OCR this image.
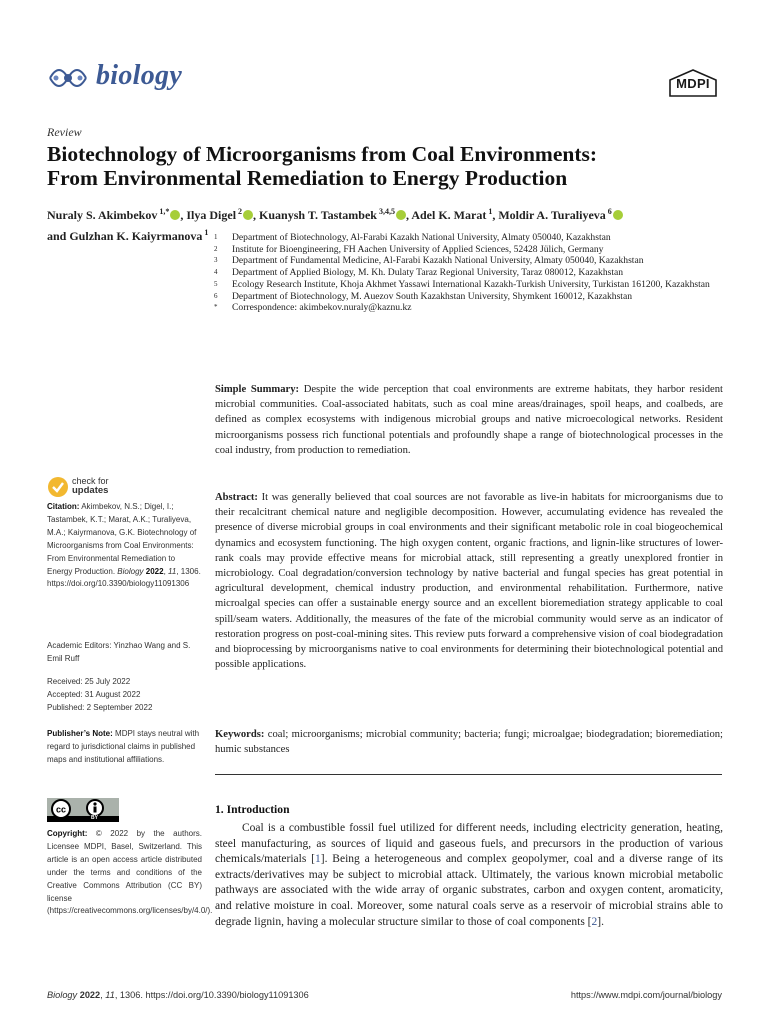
biology	MDPI
Review
Biotechnology of Microorganisms from Coal Environments:
From Environmental Remediation to Energy Production
Nuraly S. Akimbekov $^{1,*}$ , Ilya Digel $^2$ , Kuanysh T. Tastambek $^{3,4,5}$ , Adel K. Marat $^1$, Moldir A. Turaliyeva $^6$
and Gulzhan K. Kaiyrmanova $^1$ 1	Department of Biotechnology, Al-Farabi Kazakh National University, Almaty 050040, Kazakhstan
2	Institute for Bioengineering, FH Aachen University of Applied Sciences, 52428 Jülich, Germany
3	Department of Fundamental Medicine, Al-Farabi Kazakh National University, Almaty 050040, Kazakhstan
4	Department of Applied Biology, M. Kh. Dulaty Taraz Regional University, Taraz 080012, Kazakhstan
5	Ecology Research Institute, Khoja Akhmet Yassawi International Kazakh-Turkish University, Turkistan 161200, Kazakhstan
6	Department of Biotechnology, M. Auezov South Kazakhstan University, Shymkent 160012, Kazakhstan
*	Correspondence: akimbekov.nuraly@kaznu.kz
Simple Summary: Despite the wide perception that coal environments are extreme habitats, they harbor resident microbial communities. Coal-associated habitats, such as coal mine areas/drainages, spoil heaps, and coalbeds, are defined as complex ecosystems with indigenous microbial groups and native microecological networks. Resident microorganisms possess rich functional potentials and profoundly shape a range of biotechnological processes in the coal industry, from production to remediation.
Abstract: It was generally believed that coal sources are not favorable as live-in habitats for microorganisms due to their recalcitrant chemical nature and negligible decomposition. However, accumulating evidence has revealed the presence of diverse microbial groups in coal environments and their significant metabolic role in coal biogeochemical dynamics and ecosystem functioning. The high oxygen content, organic fractions, and lignin-like structures of lower-rank coals may provide effective means for microbial attack, still representing a greatly unexplored frontier in microbiology. Coal degradation/conversion technology by native bacterial and fungal species has great potential in agricultural development, chemical industry production, and environmental rehabilitation. Furthermore, native microalgal species can offer a sustainable energy source and an excellent bioremediation strategy applicable to coal spill/seam waters. Additionally, the measures of the fate of the microbial community would serve as an indicator of restoration progress on post-coal-mining sites. This review puts forward a comprehensive vision of coal biodegradation and bioprocessing by microorganisms native to coal environments for determining their biotechnological potential and possible applications.
Keywords: coal; microorganisms; microbial community; bacteria; fungi; microalgae; biodegradation; bioremediation; humic substances
1. Introduction
Coal is a combustible fossil fuel utilized for different needs, including electricity generation, heating, steel manufacturing, as sources of liquid and gaseous fuels, and precursors in the production of various chemicals/materials [1]. Being a heterogeneous and complex geopolymer, coal and a diverse range of its extracts/derivatives may be subject to microbial attack. Ultimately, the various known microbial metabolic pathways are associated with the wide array of organic substrates, carbon and oxygen content, aromaticity, and relative moisture in coal. Moreover, some natural coals serve as a reservoir of microbial strains able to degrade lignin, having a molecular structure similar to those of coal components [2].
check for
updates
Citation: Akimbekov, N.S.; Digel, I.; Tastambek, K.T.; Marat, A.K.; Turaliyeva, M.A.; Kaiyrmanova, G.K. Biotechnology of Microorganisms from Coal Environments: From Environmental Remediation to Energy Production. Biology 2022, 11, 1306. https://doi.org/10.3390/biology11091306
Academic Editors: Yinzhao Wang and S. Emil Ruff
Received: 25 July 2022
Accepted: 31 August 2022
Published: 2 September 2022
Publisher’s Note: MDPI stays neutral with regard to jurisdictional claims in published maps and institutional affiliations.
cc
BY
Copyright: © 2022 by the authors. Licensee MDPI, Basel, Switzerland. This article is an open access article distributed under the terms and conditions of the Creative Commons Attribution (CC BY) license (https://creativecommons.org/licenses/by/4.0/).
Biology 2022, 11, 1306. https://doi.org/10.3390/biology11091306	https://www.mdpi.com/journal/biology
